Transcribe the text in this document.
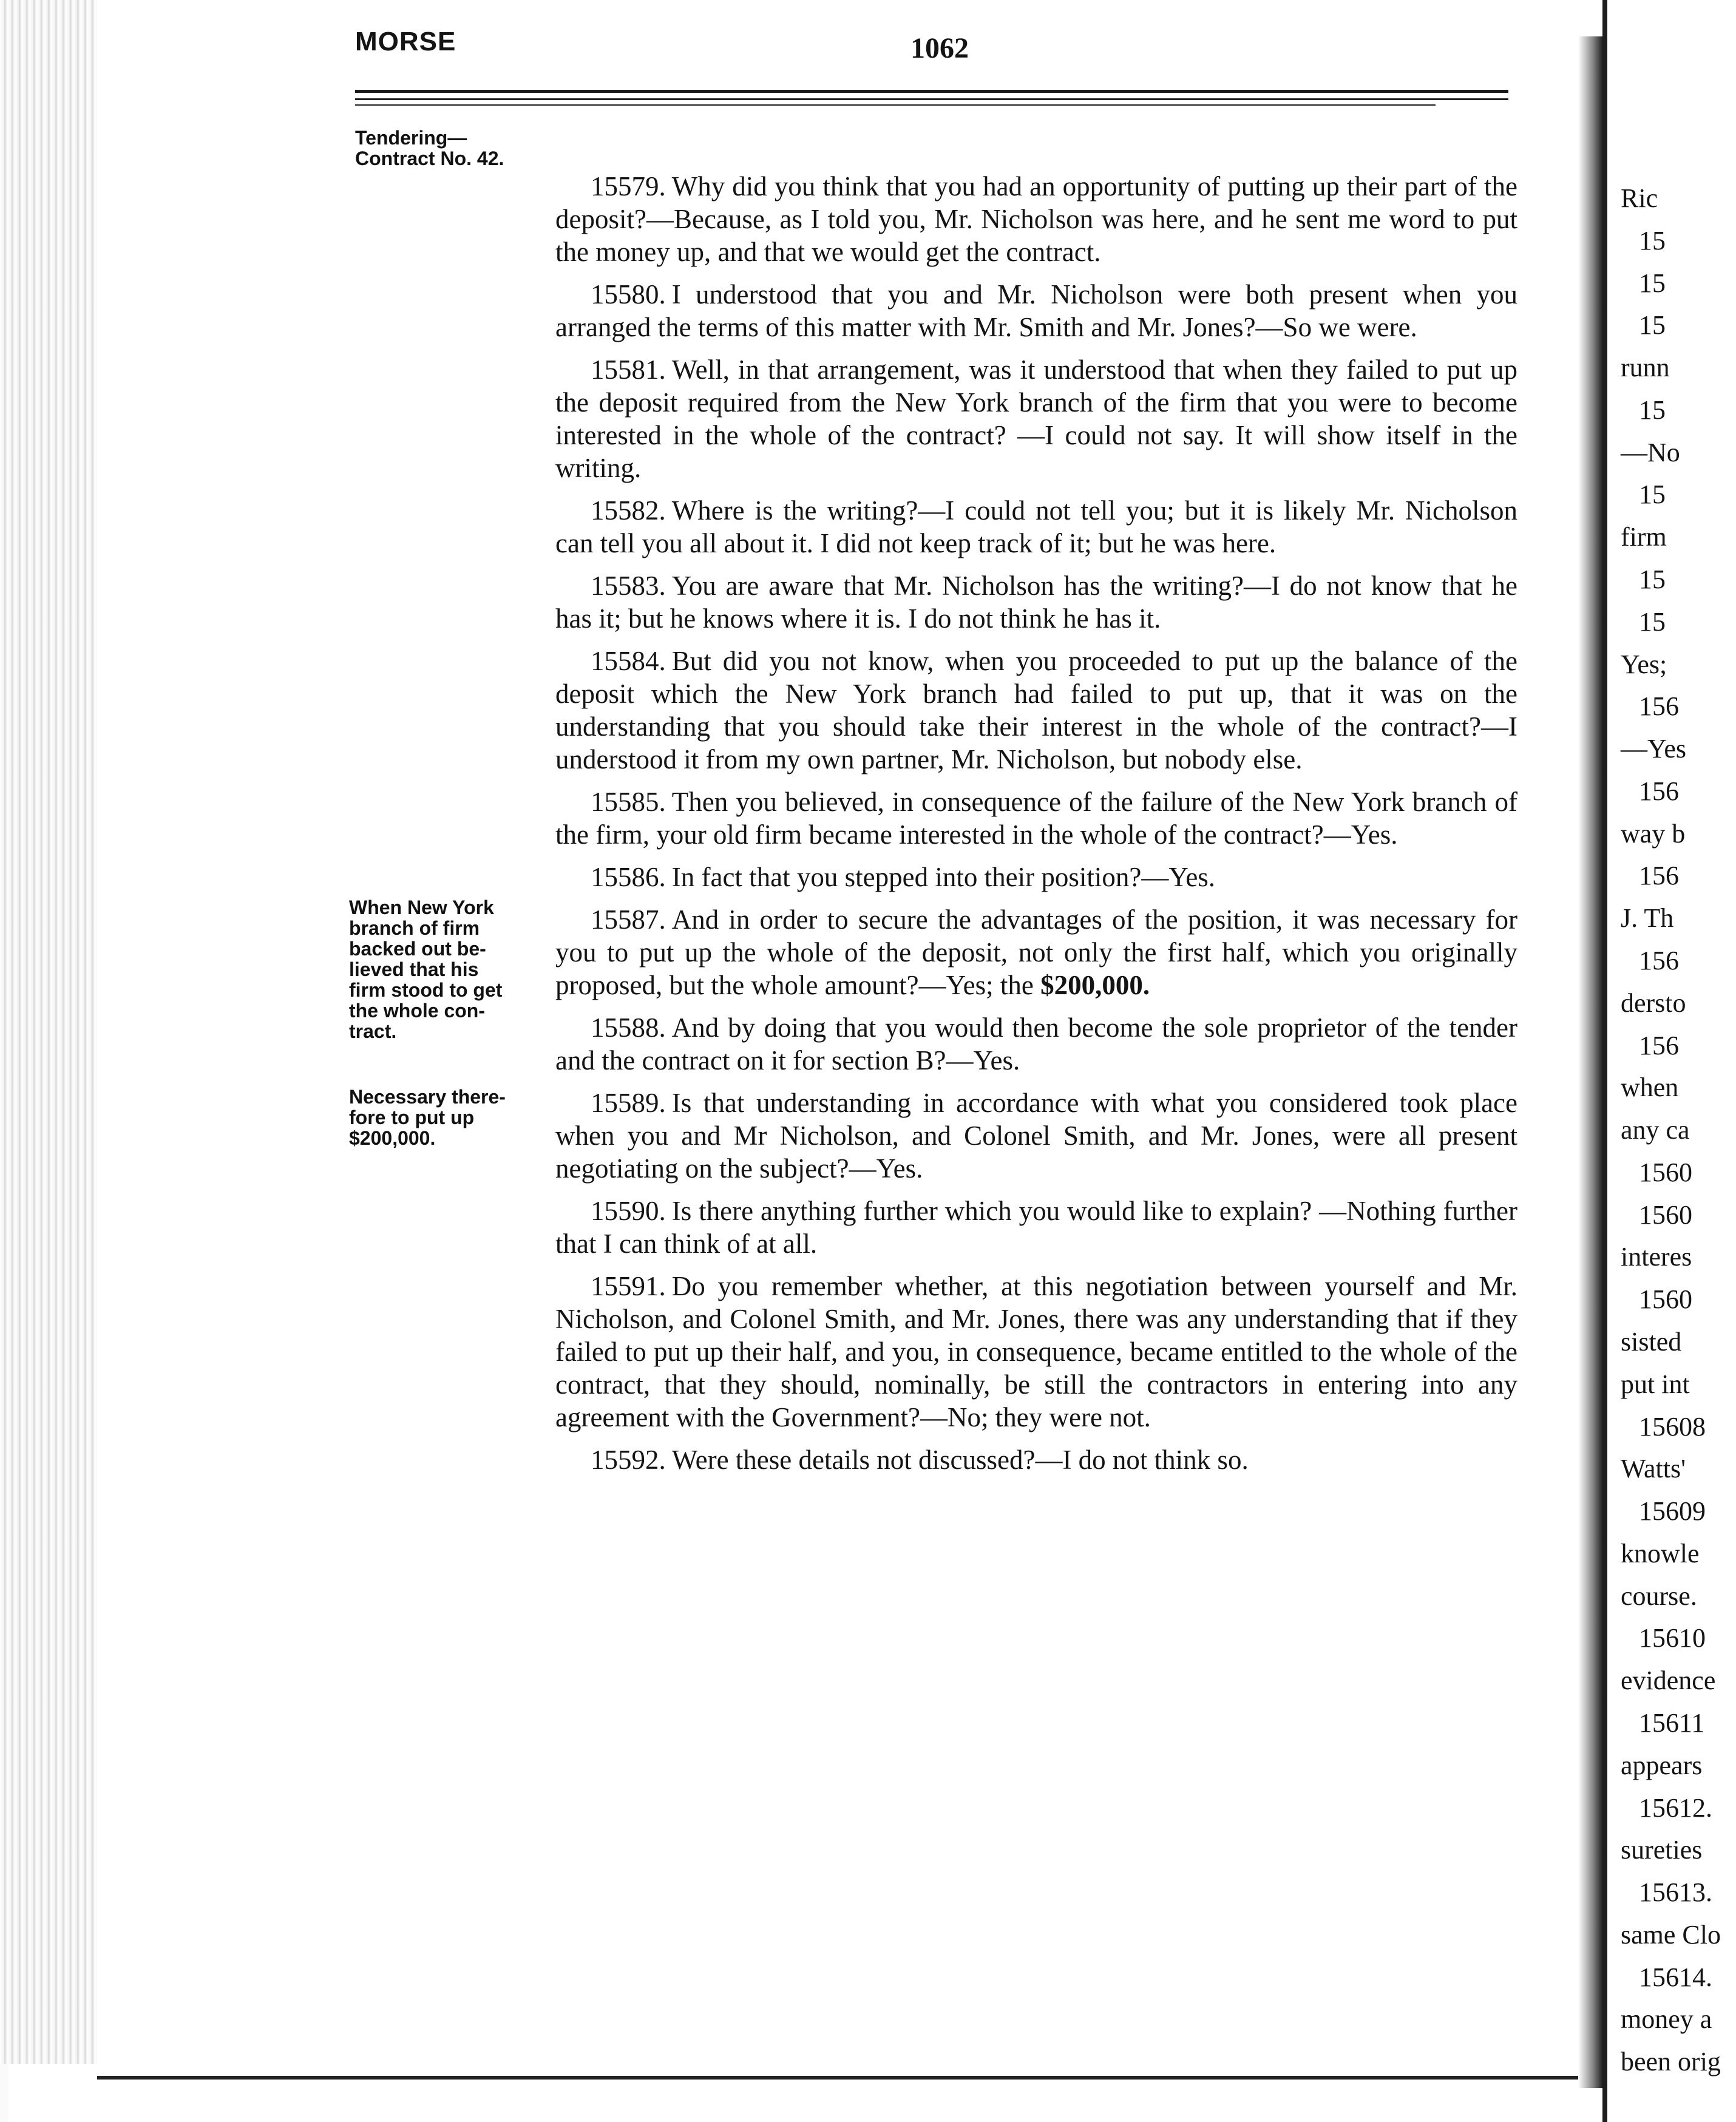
MORSE	1062
Tendering—
Contract No. 42.
When New York
branch of firm
backed out be-
lieved that his
firm stood to get
the whole con-
tract.
Necessary there-
fore to put up
$200,000.

15579. Why did you think that you had an opportunity of putting up their part of the deposit?—Because, as I told you, Mr. Nicholson was here, and he sent me word to put the money up, and that we would get the contract.

15580. I understood that you and Mr. Nicholson were both present when you arranged the terms of this matter with Mr. Smith and Mr. Jones?—So we were.

15581. Well, in that arrangement, was it understood that when they failed to put up the deposit required from the New York branch of the firm that you were to become interested in the whole of the contract? —I could not say. It will show itself in the writing.

15582. Where is the writing?—I could not tell you; but it is likely Mr. Nicholson can tell you all about it. I did not keep track of it; but he was here.

15583. You are aware that Mr. Nicholson has the writing?—I do not know that he has it; but he knows where it is. I do not think he has it.

15584. But did you not know, when you proceeded to put up the balance of the deposit which the New York branch had failed to put up, that it was on the understanding that you should take their interest in the whole of the contract?—I understood it from my own partner, Mr. Nicholson, but nobody else.

15585. Then you believed, in consequence of the failure of the New York branch of the firm, your old firm became interested in the whole of the contract?—Yes.

15586. In fact that you stepped into their position?—Yes.

15587. And in order to secure the advantages of the position, it was necessary for you to put up the whole of the deposit, not only the first half, which you originally proposed, but the whole amount?—Yes; the $200,000.

15588. And by doing that you would then become the sole proprietor of the tender and the contract on it for section B?—Yes.

15589. Is that understanding in accordance with what you considered took place when you and Mr Nicholson, and Colonel Smith, and Mr. Jones, were all present negotiating on the subject?—Yes.

15590. Is there anything further which you would like to explain? —Nothing further that I can think of at all.

15591. Do you remember whether, at this negotiation between yourself and Mr. Nicholson, and Colonel Smith, and Mr. Jones, there was any understanding that if they failed to put up their half, and you, in consequence, became entitled to the whole of the contract, that they should, nominally, be still the contractors in entering into any agreement with the Government?—No; they were not.

15592. Were these details not discussed?—I do not think so.

Ric
15
15
15
runn
15
—No
15
firm
15
15
Yes;
156
—Yes
156
way b
156
J. Th
156
dersto
156
when
any ca
1560
1560
interes
1560
sisted
put int
15608
Watts'
15609
knowle
course.
15610
evidence
15611
appears
15612.
sureties
15613.
same Clo
15614.
money a
been orig
